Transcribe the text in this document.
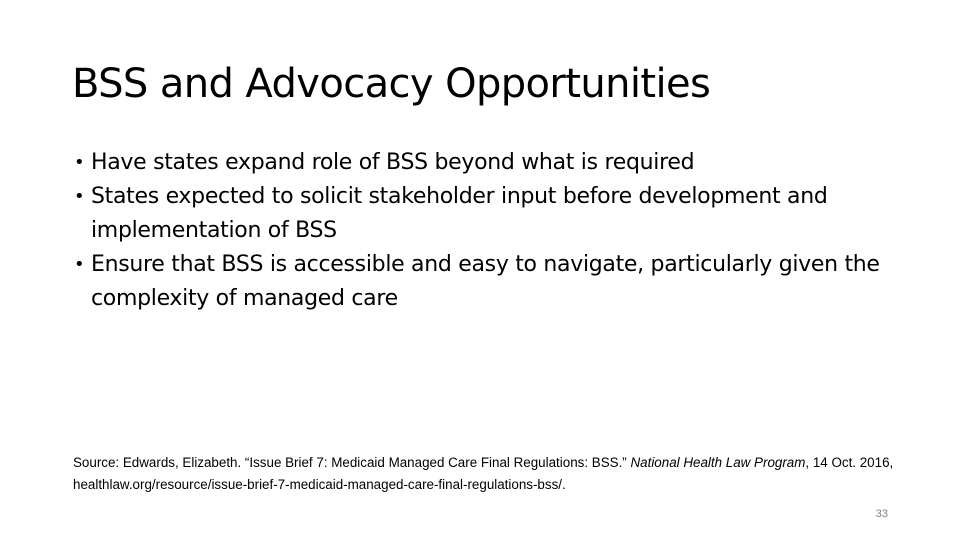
BSS and Advocacy Opportunities
• Have states expand role of BSS beyond what is required
• States expected to solicit stakeholder input before development and implementation of BSS
• Ensure that BSS is accessible and easy to navigate, particularly given the complexity of managed care

Source: Edwards, Elizabeth. “Issue Brief 7: Medicaid Managed Care Final Regulations: BSS.” National Health Law Program, 14 Oct. 2016, healthlaw.org/resource/issue-brief-7-medicaid-managed-care-final-regulations-bss/.

33
